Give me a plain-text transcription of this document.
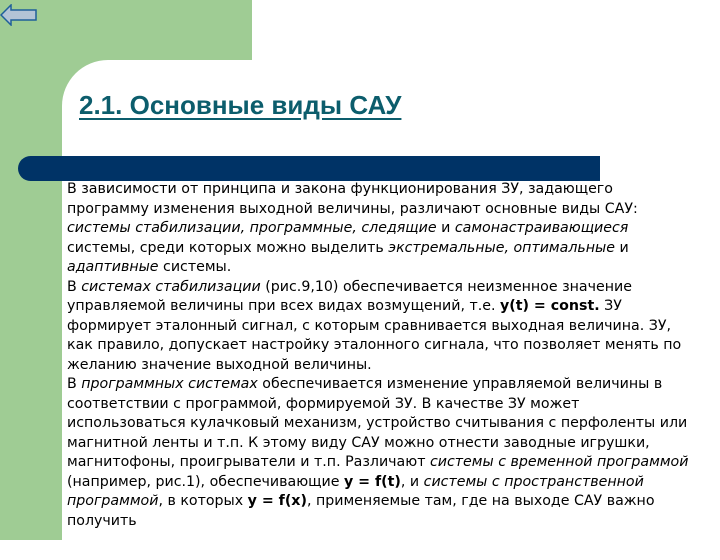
2.1. Основные виды САУ

В зависимости от принципа и закона функционирования ЗУ, задающего программу изменения выходной величины, различают основные виды САУ: системы стабилизации, программные, следящие и самонастраивающиеся системы, среди которых можно выделить экстремальные, оптимальные и адаптивные системы.

В системах стабилизации (рис.9,10) обеспечивается неизменное значение управляемой величины при всех видах возмущений, т.е. y(t) = const. ЗУ формирует эталонный сигнал, с которым сравнивается выходная величина. ЗУ, как правило, допускает настройку эталонного сигнала, что позволяет менять по желанию значение выходной величины.

В программных системах обеспечивается изменение управляемой величины в соответствии с программой, формируемой ЗУ. В качестве ЗУ может использоваться кулачковый механизм, устройство считывания с перфоленты или магнитной ленты и т.п. К этому виду САУ можно отнести заводные игрушки, магнитофоны, проигрыватели и т.п. Различают системы с временной программой (например, рис.1), обеспечивающие y = f(t), и системы с пространственной программой, в которых y = f(x), применяемые там, где на выходе САУ важно получить
